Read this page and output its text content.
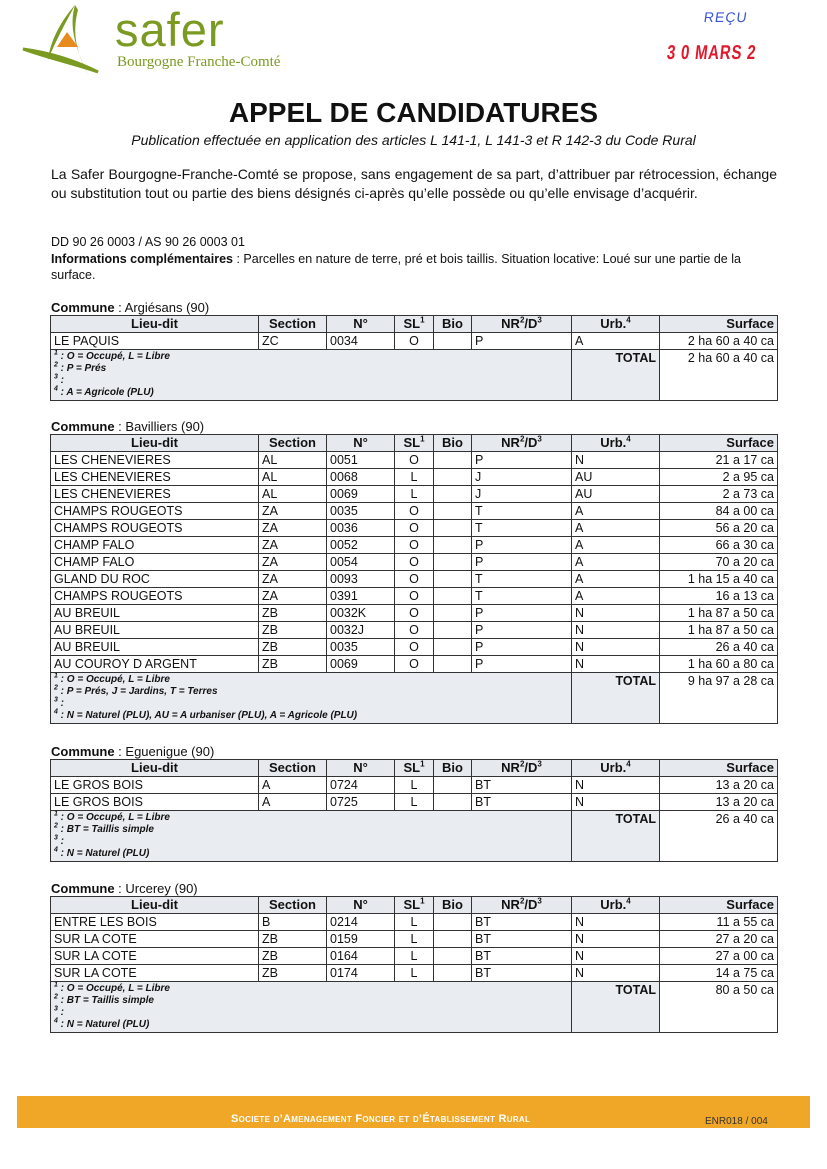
safer
Bourgogne Franche-Comté
REÇU
3 0 MARS 2
APPEL DE CANDIDATURES
Publication effectuée en application des articles L 141-1, L 141-3 et R 142-3 du Code Rural
La Safer Bourgogne-Franche-Comté se propose, sans engagement de sa part, d’attribuer par rétrocession, échange ou substitution tout ou partie des biens désignés ci-après qu’elle possède ou qu’elle envisage d’acquérir.
DD 90 26 0003 / AS 90 26 0003 01
Informations complémentaires : Parcelles en nature de terre, pré et bois taillis. Situation locative: Loué sur une partie de la surface.
Commune : Argiésans (90)
Lieu-dit	Section	N°	$SL^1$	Bio	$NR^2/D^3$	Urb.$^4$	Surface
LE PAQUIS	ZC	0034	O		P	A	2 ha 60 a 40 ca

$^1$ : O = Occupé, L = Libre
$^2$ : P = Prés
$^3$ :
$^4$ : A = Agricole (PLU)						TOTAL	2 ha 60 a 40 ca
Commune : Bavilliers (90)
Lieu-dit	Section	N°	$SL^1$	Bio	$NR^2/D^3$	Urb.$^4$	Surface
LES CHENEVIERES	AL	0051	O		P	N	21 a 17 ca
LES CHENEVIERES	AL	0068	L		J	AU	2 a 95 ca
LES CHENEVIERES	AL	0069	L		J	AU	2 a 73 ca
CHAMPS ROUGEOTS	ZA	0035	O		T	A	84 a 00 ca
CHAMPS ROUGEOTS	ZA	0036	O		T	A	56 a 20 ca
CHAMP FALO	ZA	0052	O		P	A	66 a 30 ca
CHAMP FALO	ZA	0054	O		P	A	70 a 20 ca
GLAND DU ROC	ZA	0093	O		T	A	1 ha 15 a 40 ca
CHAMPS ROUGEOTS	ZA	0391	O		T	A	16 a 13 ca
AU BREUIL	ZB	0032K	O		P	N	1 ha 87 a 50 ca
AU BREUIL	ZB	0032J	O		P	N	1 ha 87 a 50 ca
AU BREUIL	ZB	0035	O		P	N	26 a 40 ca
AU COUROY D ARGENT	ZB	0069	O		P	N	1 ha 60 a 80 ca

$^1$ : O = Occupé, L = Libre
$^2$ : P = Prés, J = Jardins, T = Terres
$^3$ :
$^4$ : N = Naturel (PLU), AU = A urbaniser (PLU), A = Agricole (PLU)						TOTAL	9 ha 97 a 28 ca
Commune : Eguenigue (90)
Lieu-dit	Section	N°	$SL^1$	Bio	$NR^2/D^3$	Urb.$^4$	Surface
LE GROS BOIS	A	0724	L		BT	N	13 a 20 ca
LE GROS BOIS	A	0725	L		BT	N	13 a 20 ca

$^1$ : O = Occupé, L = Libre
$^2$ : BT = Taillis simple
$^3$ :
$^4$ : N = Naturel (PLU)						TOTAL	26 a 40 ca
Commune : Urcerey (90)
Lieu-dit	Section	N°	$SL^1$	Bio	$NR^2/D^3$	Urb.$^4$	Surface
ENTRE LES BOIS	B	0214	L		BT	N	11 a 55 ca
SUR LA COTE	ZB	0159	L		BT	N	27 a 20 ca
SUR LA COTE	ZB	0164	L		BT	N	27 a 00 ca
SUR LA COTE	ZB	0174	L		BT	N	14 a 75 ca

$^1$ : O = Occupé, L = Libre
$^2$ : BT = Taillis simple
$^3$ :
$^4$ : N = Naturel (PLU)						TOTAL	80 a 50 ca
Societe d’Amenagement Foncier et d’Établissement Rural	ENR018 / 004
